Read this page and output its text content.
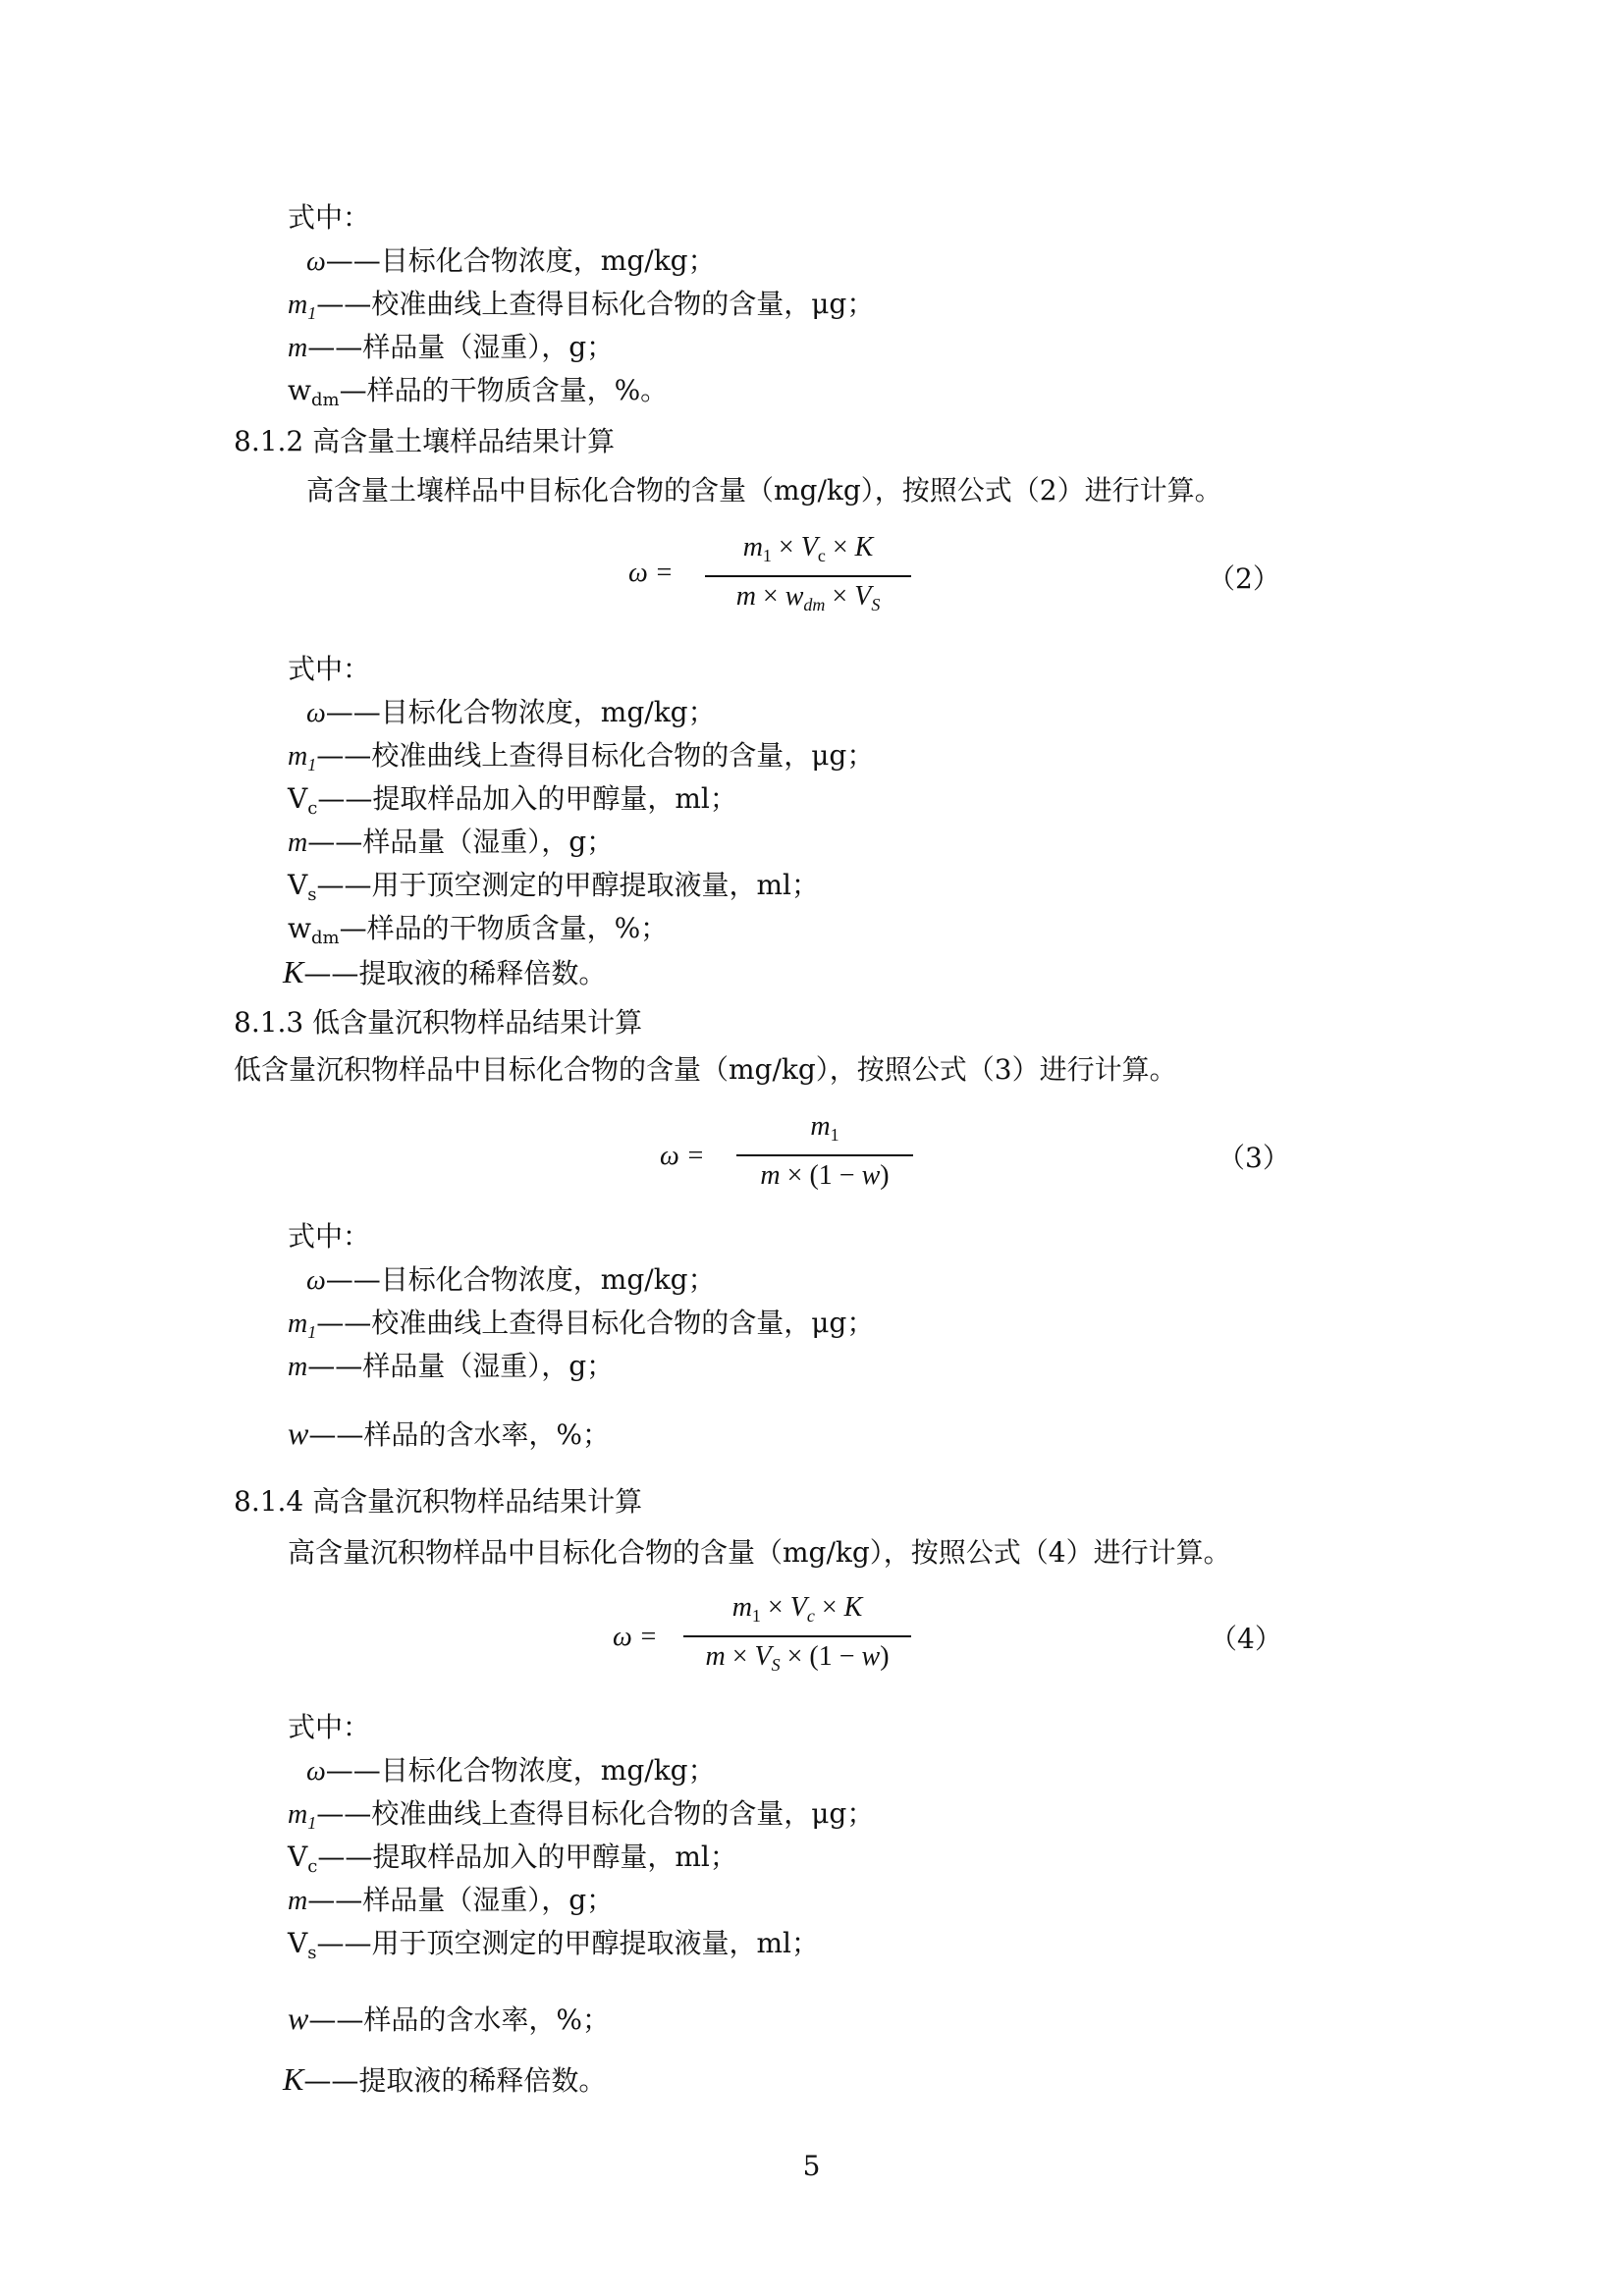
式中：
ω——目标化合物浓度，mg/kg；
$m_1——$校准曲线上查得目标化合物的含量，μg；
m——样品量（湿重），g；
$w_{dm}—$样品的干物质含量，%。
8.1.2 高含量土壤样品结果计算
高含量土壤样品中目标化合物的含量（mg/kg），按照公式（2）进行计算。
ω =
$m_1 \times V_c \times K$
$m \times w_{dm} \times V_S$
（2）
式中：
ω——目标化合物浓度，mg/kg；
$m_1——$校准曲线上查得目标化合物的含量，μg；
$V_c——$提取样品加入的甲醇量，ml；
m——样品量（湿重），g；
$V_s——$用于顶空测定的甲醇提取液量，ml；
$w_{dm}—$样品的干物质含量，%；
K——提取液的稀释倍数。
8.1.3 低含量沉积物样品结果计算
低含量沉积物样品中目标化合物的含量（mg/kg），按照公式（3）进行计算。
ω =
$m_1$
m × (1 − w)
（3）
式中：
ω——目标化合物浓度，mg/kg；
$m_1——$校准曲线上查得目标化合物的含量，μg；
m——样品量（湿重），g；
w——样品的含水率，%；
8.1.4 高含量沉积物样品结果计算
高含量沉积物样品中目标化合物的含量（mg/kg），按照公式（4）进行计算。
ω =
$m_1 \times V_c \times K$
$m \times V_S \times (1 - w)$
（4）
式中：
ω——目标化合物浓度，mg/kg；
$m_1——$校准曲线上查得目标化合物的含量，μg；
$V_c——$提取样品加入的甲醇量，ml；
m——样品量（湿重），g；
$V_s——$用于顶空测定的甲醇提取液量，ml；
w——样品的含水率，%；
K——提取液的稀释倍数。
5
